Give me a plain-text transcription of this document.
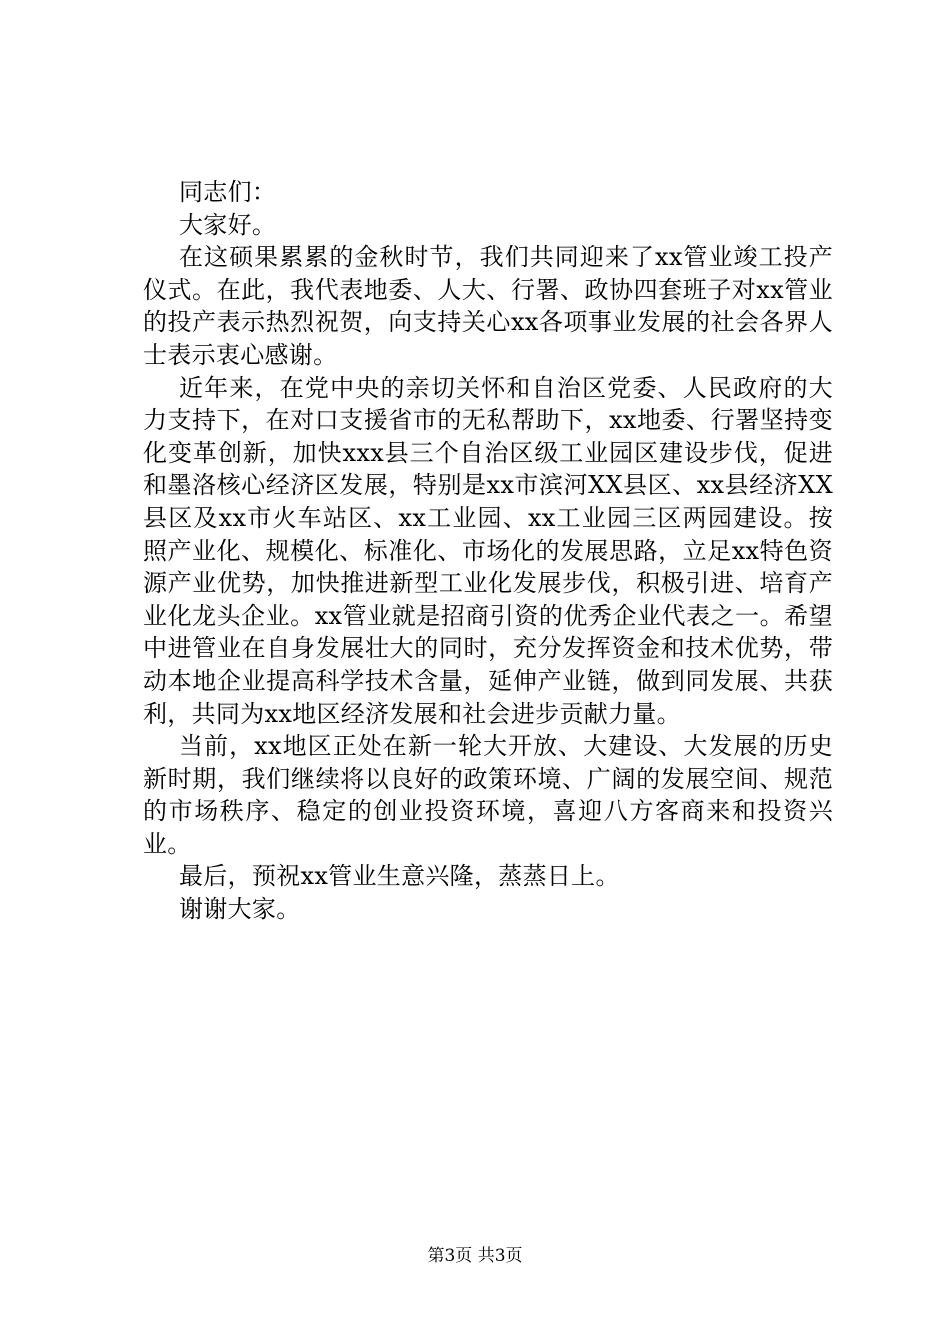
同志们：

大家好。

在这硕果累累的金秋时节，我们共同迎来了xx管业竣工投产仪式。在此，我代表地委、人大、行署、政协四套班子对xx管业的投产表示热烈祝贺，向支持关心xx各项事业发展的社会各界人士表示衷心感谢。

近年来，在党中央的亲切关怀和自治区党委、人民政府的大力支持下，在对口支援省市的无私帮助下，xx地委、行署坚持变化变革创新，加快xxx县三个自治区级工业园区建设步伐，促进和墨洛核心经济区发展，特别是xx市滨河XX县区、xx县经济XX县区及xx市火车站区、xx工业园、xx工业园三区两园建设。按照产业化、规模化、标准化、市场化的发展思路，立足xx特色资源产业优势，加快推进新型工业化发展步伐，积极引进、培育产业化龙头企业。xx管业就是招商引资的优秀企业代表之一。希望中进管业在自身发展壮大的同时，充分发挥资金和技术优势，带动本地企业提高科学技术含量，延伸产业链，做到同发展、共获利，共同为xx地区经济发展和社会进步贡献力量。

当前，xx地区正处在新一轮大开放、大建设、大发展的历史新时期，我们继续将以良好的政策环境、广阔的发展空间、规范的市场秩序、稳定的创业投资环境，喜迎八方客商来和投资兴业。

最后，预祝xx管业生意兴隆，蒸蒸日上。

谢谢大家。

第3页 共3页
